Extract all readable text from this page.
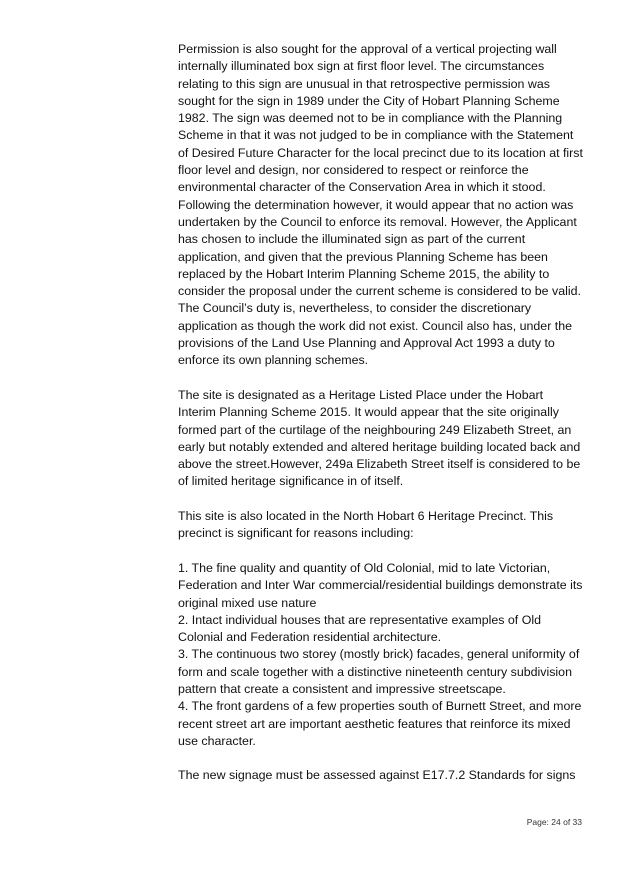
Permission is also sought for the approval of a vertical projecting wall internally illuminated box sign at first floor level. The circumstances relating to this sign are unusual in that retrospective permission was sought for the sign in 1989 under the City of Hobart Planning Scheme 1982. The sign was deemed not to be in compliance with the Planning Scheme in that it was not judged to be in compliance with the Statement of Desired Future Character for the local precinct due to its location at first floor level and design, nor considered to respect or reinforce the environmental character of the Conservation Area in which it stood. Following the determination however, it would appear that no action was undertaken by the Council to enforce its removal. However, the Applicant has chosen to include the illuminated sign as part of the current application, and given that the previous Planning Scheme has been replaced by the Hobart Interim Planning Scheme 2015, the ability to consider the proposal under the current scheme is considered to be valid. The Council’s duty is, nevertheless, to consider the discretionary application as though the work did not exist. Council also has, under the provisions of the Land Use Planning and Approval Act 1993 a duty to enforce its own planning schemes.

The site is designated as a Heritage Listed Place under the Hobart Interim Planning Scheme 2015. It would appear that the site originally formed part of the curtilage of the neighbouring 249 Elizabeth Street, an early but notably extended and altered heritage building located back and above the street.However, 249a Elizabeth Street itself is considered to be of limited heritage significance in of itself.

This site is also located in the North Hobart 6 Heritage Precinct. This precinct is significant for reasons including:

1. The fine quality and quantity of Old Colonial, mid to late Victorian, Federation and Inter War commercial/residential buildings demonstrate its original mixed use nature

2. Intact individual houses that are representative examples of Old Colonial and Federation residential architecture.

3. The continuous two storey (mostly brick) facades, general uniformity of form and scale together with a distinctive nineteenth century subdivision pattern that create a consistent and impressive streetscape.

4. The front gardens of a few properties south of Burnett Street, and more recent street art are important aesthetic features that reinforce its mixed use character.

The new signage must be assessed against E17.7.2 Standards for signs

Page: 24 of 33
